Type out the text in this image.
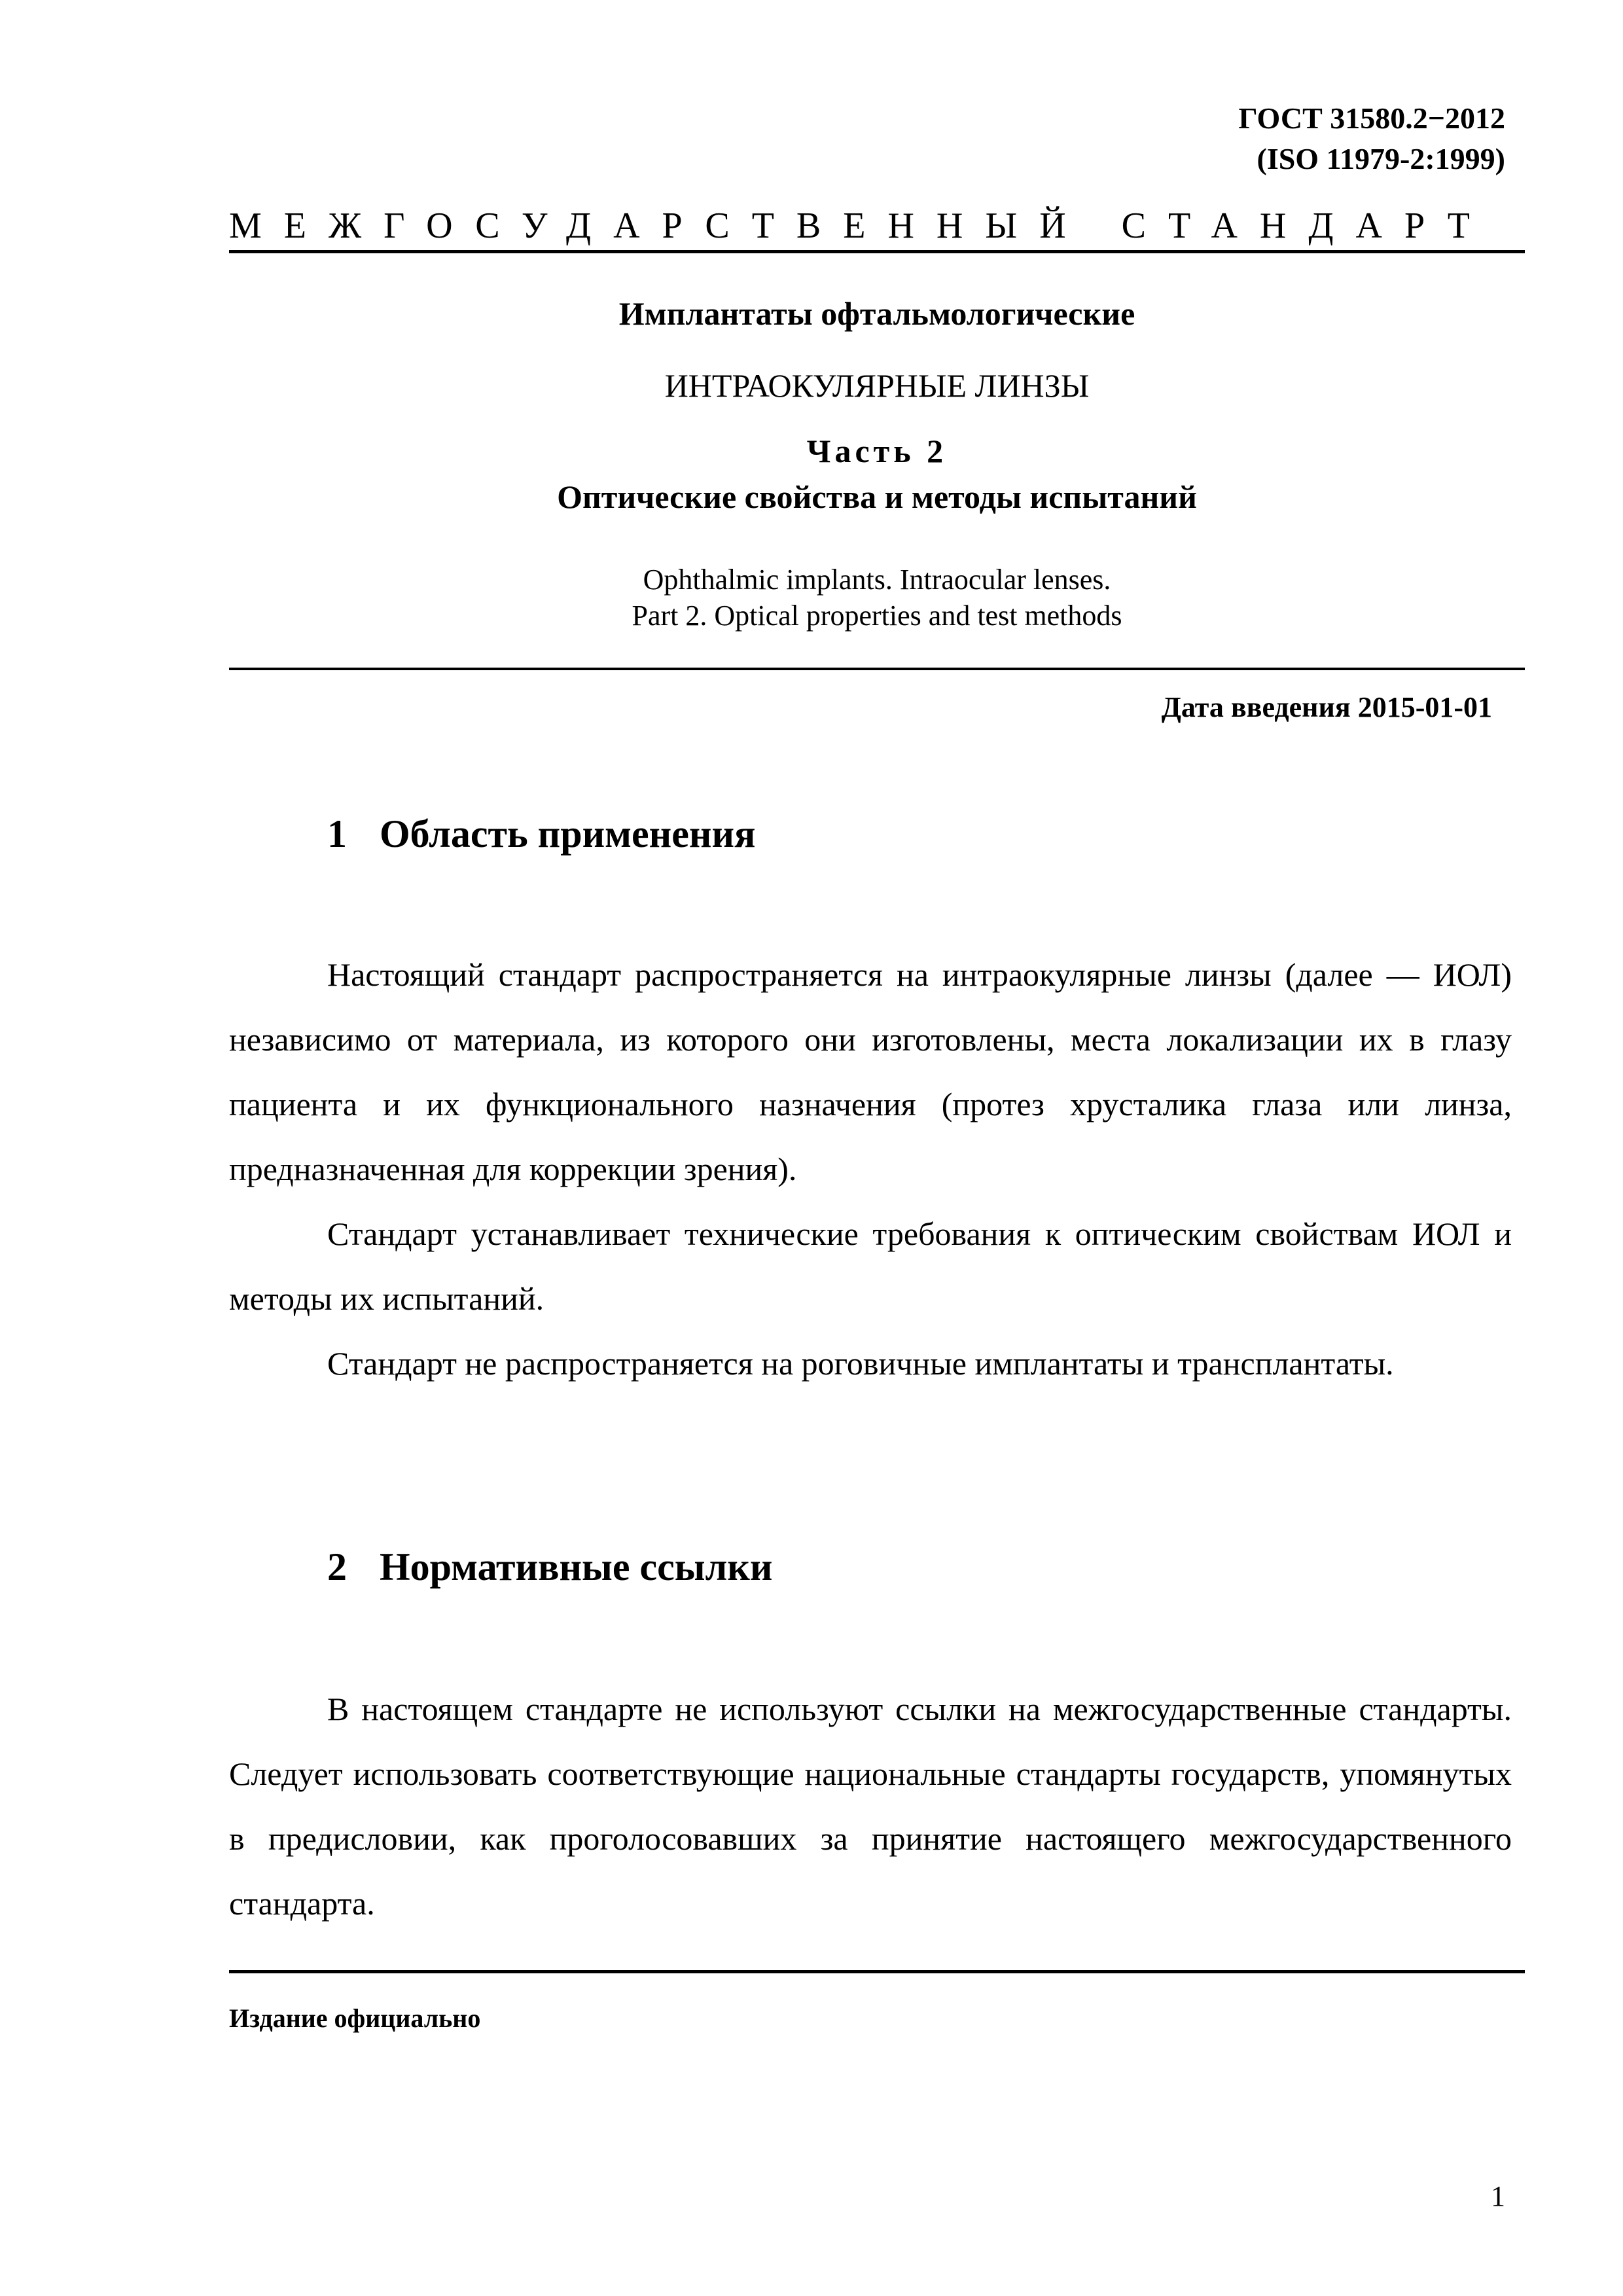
ГОСТ 31580.2−2012
(ISO 11979-2:1999)
МЕЖГОСУДАРСТВЕННЫЙ СТАНДАРТ
Имплантаты офтальмологические
ИНТРАОКУЛЯРНЫЕ ЛИНЗЫ
Часть 2
Оптические свойства и методы испытаний
Ophthalmic implants. Intraocular lenses.
Part 2. Optical properties and test methods
Дата введения 2015-01-01
1 Область применения

Настоящий стандарт распространяется на интраокулярные линзы (далее — ИОЛ) независимо от материала, из которого они изготовлены, места локализации их в глазу пациента и их функционального назначения (протез хрусталика глаза или линза, предназначенная для коррекции зрения).

Стандарт устанавливает технические требования к оптическим свойствам ИОЛ и методы их испытаний.

Стандарт не распространяется на роговичные имплантаты и трансплантаты.

2 Нормативные ссылки

В настоящем стандарте не используют ссылки на межгосударственные стандарты. Следует использовать соответствующие национальные стандарты государств, упомянутых в предисловии, как проголосовавших за принятие настоящего межгосударственного стандарта.

Издание официально
1
